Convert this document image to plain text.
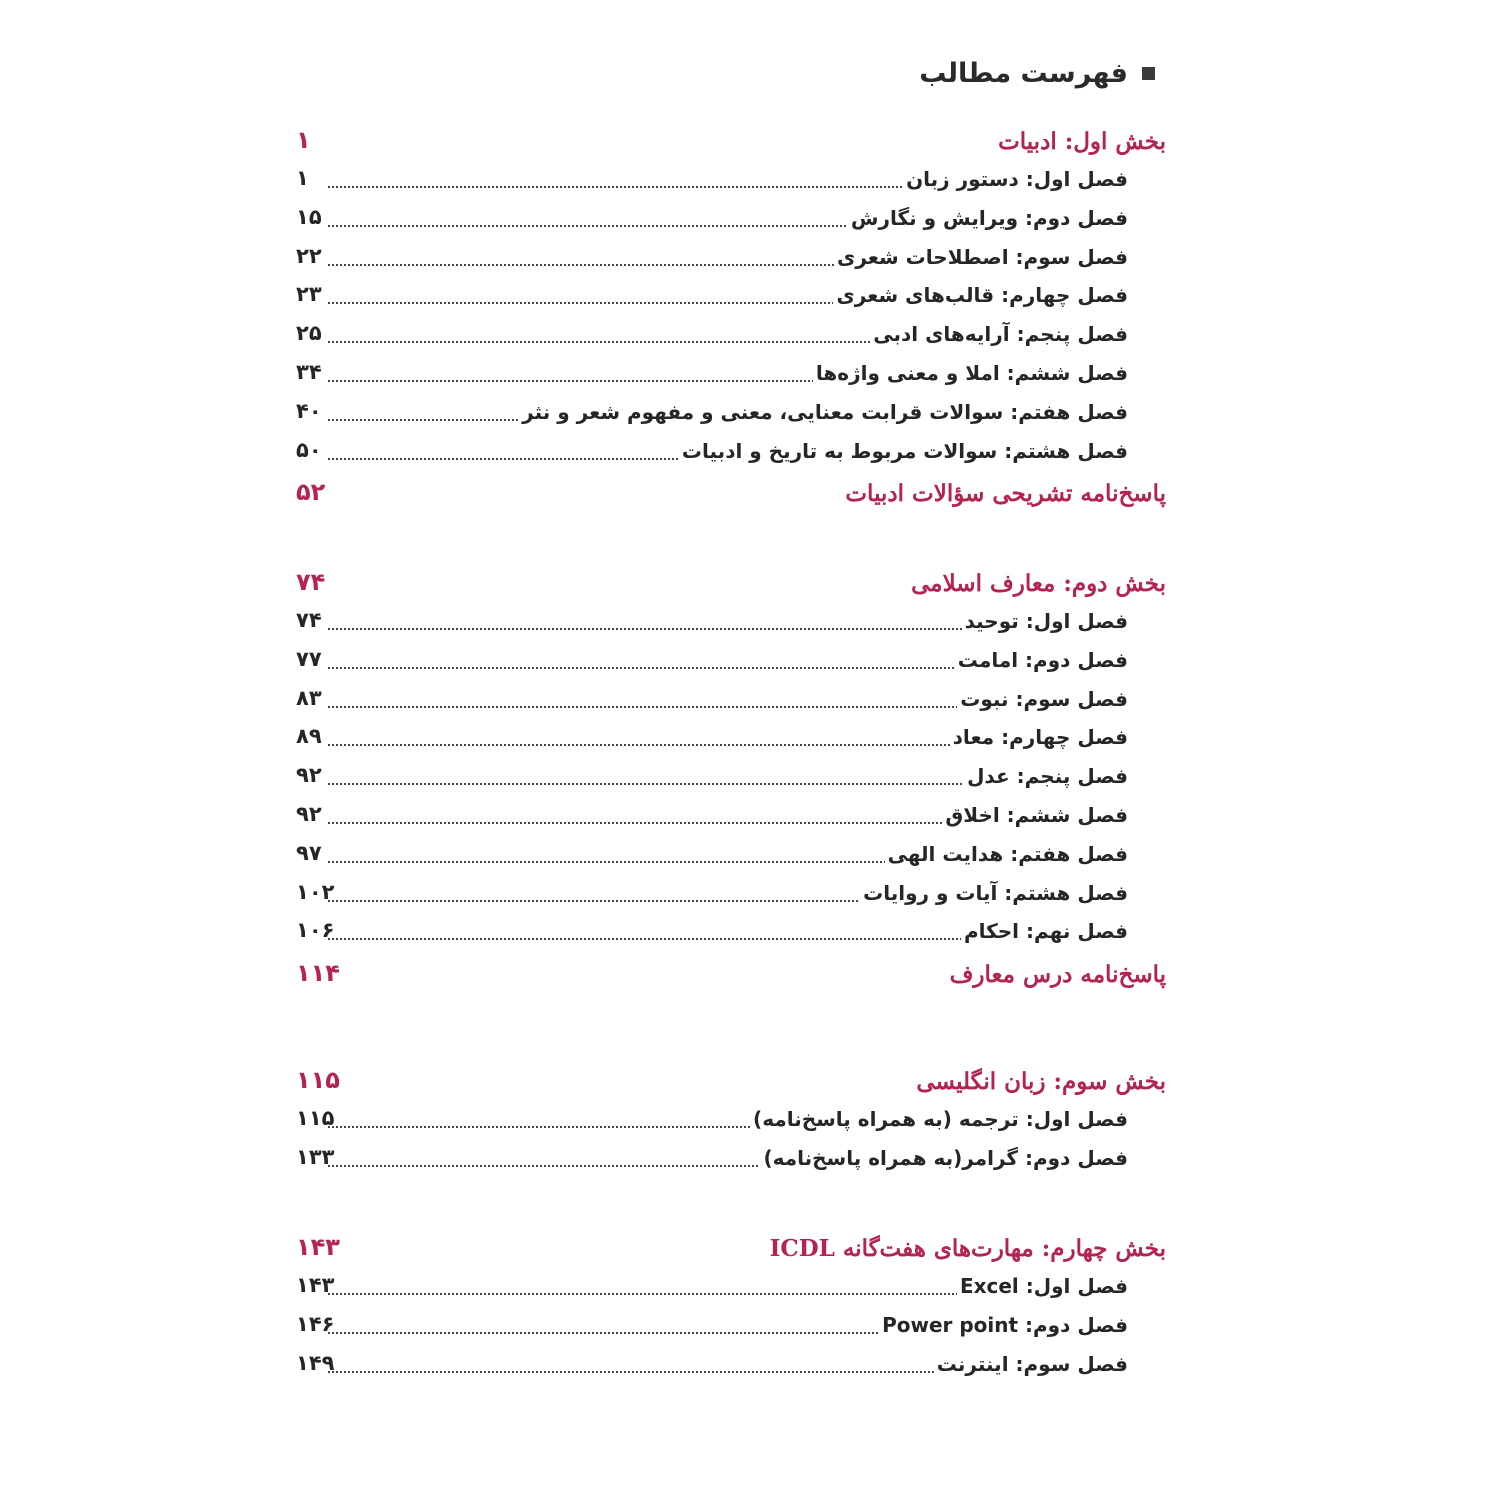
فهرست مطالب
بخش اول: ادبیات
۱
فصل اول: دستور زبان
۱
فصل دوم: ویرایش و نگارش
۱۵
فصل سوم: اصطلاحات شعری
۲۲
فصل چهارم: قالب‌های شعری
۲۳
فصل پنجم: آرایه‌های ادبی
۲۵
فصل ششم: املا و معنی واژه‌ها
۳۴
فصل هفتم: سوالات قرابت معنایی، معنی و مفهوم شعر و نثر
۴۰
فصل هشتم: سوالات مربوط به تاریخ و ادبیات
۵۰
پاسخ‌نامه تشریحی سؤالات ادبیات
۵۲
بخش دوم: معارف اسلامی
۷۴
فصل اول: توحید
۷۴
فصل دوم: امامت
۷۷
فصل سوم: نبوت
۸۳
فصل چهارم: معاد
۸۹
فصل پنجم: عدل
۹۲
فصل ششم: اخلاق
۹۲
فصل هفتم: هدایت الهی
۹۷
فصل هشتم: آیات و روایات
۱۰۲
فصل نهم: احکام
۱۰۶
پاسخ‌نامه درس معارف
۱۱۴
بخش سوم: زبان انگلیسی
۱۱۵
فصل اول: ترجمه (به همراه پاسخ‌نامه)
۱۱۵
فصل دوم: گرامر(به همراه پاسخ‌نامه)
۱۳۳
بخش چهارم: مهارت‌های هفت‌گانه ICDL
۱۴۳
فصل اول: Excel
۱۴۳
فصل دوم: Power point
۱۴۶
فصل سوم: اینترنت
۱۴۹
